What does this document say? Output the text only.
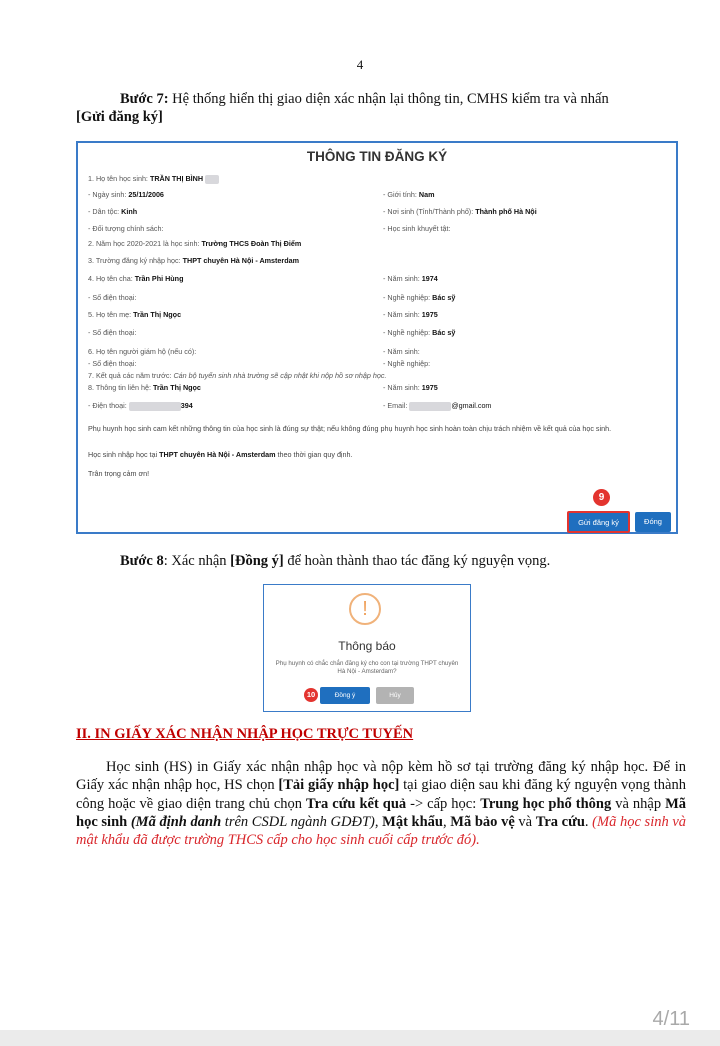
4
Bước 7: Hệ thống hiển thị giao diện xác nhận lại thông tin, CMHS kiểm tra và nhấn
[Gửi đăng ký]
THÔNG TIN ĐĂNG KÝ
1. Họ tên học sinh: TRẦN THỊ BÌNH
- Ngày sinh: 25/11/2006	- Giới tính: Nam
- Dân tộc: Kinh	- Nơi sinh (Tỉnh/Thành phố): Thành phố Hà Nội
- Đối tượng chính sách:	- Học sinh khuyết tật:
2. Năm học 2020-2021 là học sinh: Trường THCS Đoàn Thị Điểm
3. Trường đăng ký nhập học: THPT chuyên Hà Nội - Amsterdam
4. Họ tên cha: Trần Phi Hùng	- Năm sinh: 1974
- Số điện thoại:	- Nghề nghiệp: Bác sỹ
5. Họ tên mẹ: Trần Thị Ngọc	- Năm sinh: 1975
- Số điện thoại:	- Nghề nghiệp: Bác sỹ
6. Họ tên người giám hộ (nếu có):	- Năm sinh:
- Số điện thoại:	- Nghề nghiệp:
7. Kết quả các năm trước: Cán bộ tuyển sinh nhà trường sẽ cập nhật khi nộp hồ sơ nhập học.
8. Thông tin liên hệ: Trần Thị Ngọc	- Năm sinh: 1975
- Điện thoại:	394	- Email:	@gmail.com
Phụ huynh học sinh cam kết những thông tin của học sinh là đúng sự thật; nếu không đúng phụ huynh học sinh hoàn toàn chịu trách nhiệm về kết quả của học sinh.
Học sinh nhập học tại THPT chuyên Hà Nội - Amsterdam theo thời gian quy định.
Trân trọng cảm ơn!
9
Gửi đăng ký	Đóng
Bước 8: Xác nhận [Đồng ý] để hoàn thành thao tác đăng ký nguyện vọng.
!
Thông báo
Phụ huynh có chắc chắn đăng ký cho con tại trường THPT chuyên Hà Nội - Amsterdam?
10	Đồng ý	Hủy
II. IN GIẤY XÁC NHẬN NHẬP HỌC TRỰC TUYẾN
Học sinh (HS) in Giấy xác nhận nhập học và nộp kèm hồ sơ tại trường đăng ký nhập học. Để in Giấy xác nhận nhập học, HS chọn [Tải giấy nhập học] tại giao diện sau khi đăng ký nguyện vọng thành công hoặc về giao diện trang chủ chọn Tra cứu kết quả -> cấp học: Trung học phổ thông và nhập Mã học sinh (Mã định danh trên CSDL ngành GDĐT), Mật khẩu, Mã bảo vệ và Tra cứu. (Mã học sinh và mật khẩu đã được trường THCS cấp cho học sinh cuối cấp trước đó).
4/11
